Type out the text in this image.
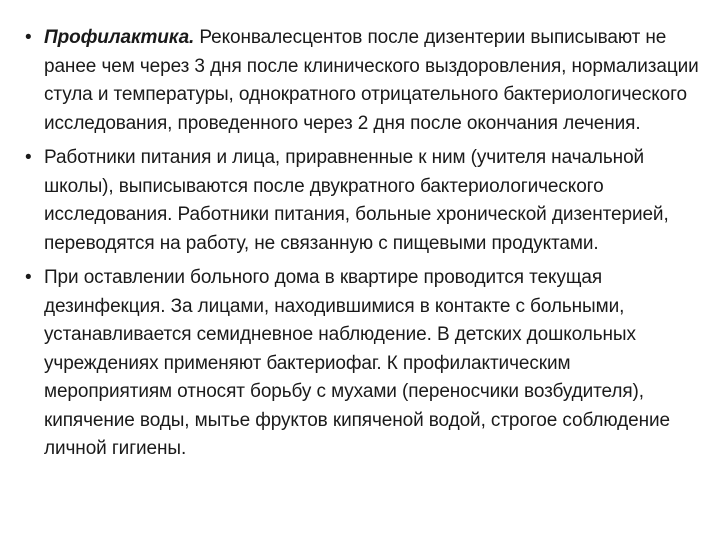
• Профилактика. Реконвалесцентов после дизентерии выписывают не ранее чем через 3 дня после клинического выздоровления, нормализации стула и температуры, однократного отрицательного бактериологического исследования, проведенного через 2 дня после окончания лечения.
• Работники питания и лица, приравненные к ним (учителя начальной школы), выписываются после двукратного бактериологического исследования. Работники питания, больные хронической дизентерией, переводятся на работу, не связанную с пищевыми продуктами.
• При оставлении больного дома в квартире проводится текущая дезинфекция. За лицами, находившимися в контакте с больными, устанавливается семидневное наблюдение. В детских дошкольных учреждениях применяют бактериофаг. К профилактическим мероприятиям относят борьбу с мухами (переносчики возбудителя), кипячение воды, мытье фруктов кипяченой водой, строгое соблюдение личной гигиены.
